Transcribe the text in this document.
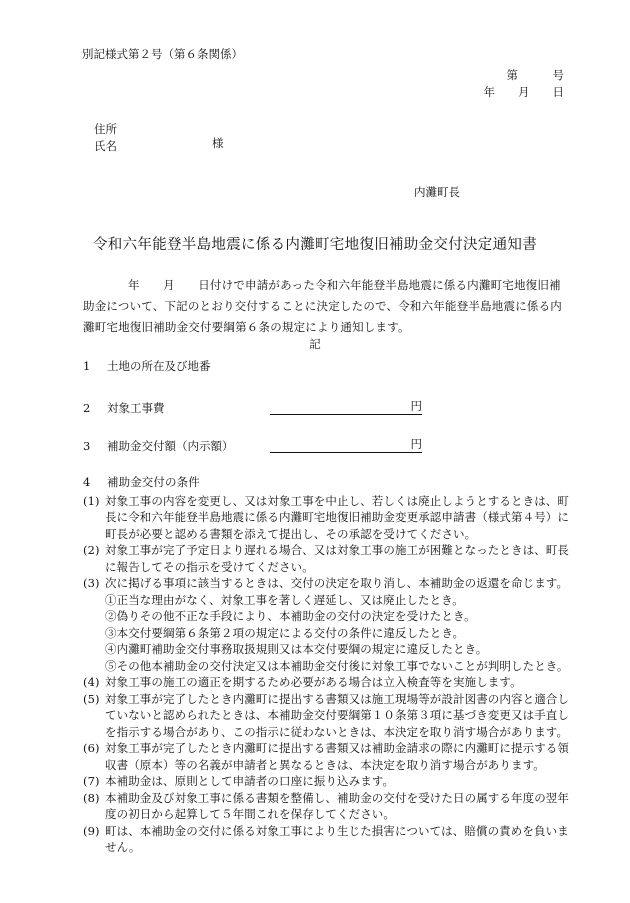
別記様式第２号（第６条関係）
第　　　号
年　　月　　日
住所
氏名	様
内灘町長
令和六年能登半島地震に係る内灘町宅地復旧補助金交付決定通知書
年　　月　　日付けで申請があった令和六年能登半島地震に係る内灘町宅地復旧補助金について、下記のとおり交付することに決定したので、令和六年能登半島地震に係る内灘町宅地復旧補助金交付要綱第６条の規定により通知します。
記
1 土地の所在及び地番
2 対象工事費	円
3 補助金交付額（内示額）	円
4 補助金交付の条件
(1) 対象工事の内容を変更し、又は対象工事を中止し、若しくは廃止しようとするときは、町長に令和六年能登半島地震に係る内灘町宅地復旧補助金変更承認申請書（様式第４号）に町長が必要と認める書類を添えて提出し、その承認を受けてください。
(2) 対象工事が完了予定日より遅れる場合、又は対象工事の施工が困難となったときは、町長に報告してその指示を受けてください。
(3) 次に掲げる事項に該当するときは、交付の決定を取り消し、本補助金の返還を命じます。
①正当な理由がなく、対象工事を著しく遅延し、又は廃止したとき。
②偽りその他不正な手段により、本補助金の交付の決定を受けたとき。
③本交付要綱第６条第２項の規定による交付の条件に違反したとき。
④内灘町補助金交付事務取扱規則又は本交付要綱の規定に違反したとき。
⑤その他本補助金の交付決定又は本補助金交付後に対象工事でないことが判明したとき。
(4) 対象工事の施工の適正を期するため必要がある場合は立入検査等を実施します。
(5) 対象工事が完了したとき内灘町に提出する書類又は施工現場等が設計図書の内容と適合していないと認められたときは、本補助金交付要綱第１０条第３項に基づき変更又は手直しを指示する場合があり、この指示に従わないときは、本決定を取り消す場合があります。
(6) 対象工事が完了したとき内灘町に提出する書類又は補助金請求の際に内灘町に提示する領収書（原本）等の名義が申請者と異なるときは、本決定を取り消す場合があります。
(7) 本補助金は、原則として申請者の口座に振り込みます。
(8) 本補助金及び対象工事に係る書類を整備し、補助金の交付を受けた日の属する年度の翌年度の初日から起算して５年間これを保存してください。
(9) 町は、本補助金の交付に係る対象工事により生じた損害については、賠償の責めを負いません。
